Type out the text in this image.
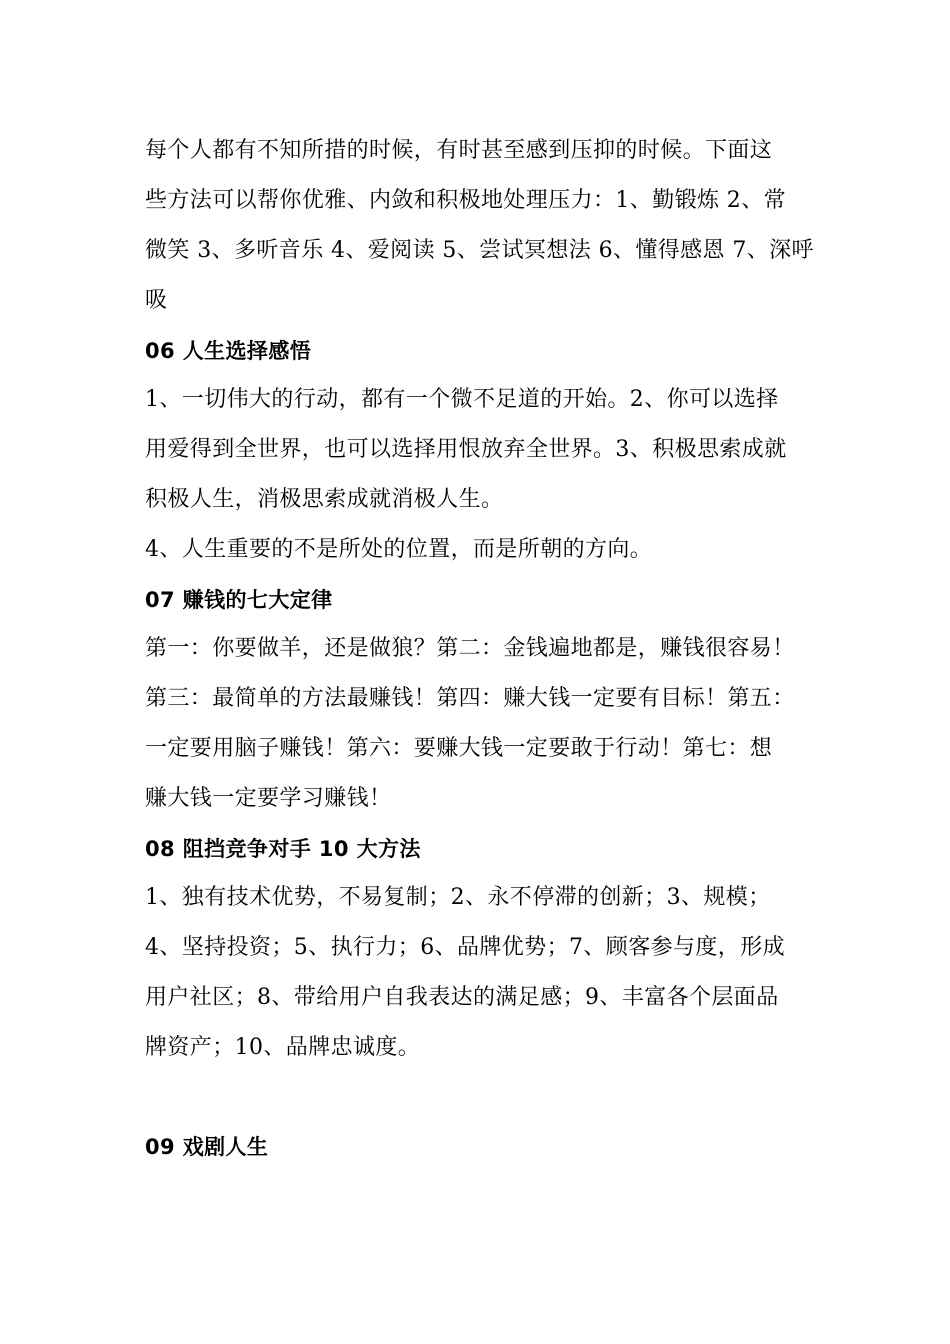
每个人都有不知所措的时候，有时甚至感到压抑的时候。下面这
些方法可以帮你优雅、内敛和积极地处理压力：1、勤锻炼 2、常
微笑 3、多听音乐 4、爱阅读 5、尝试冥想法 6、懂得感恩 7、深呼
吸
06 人生选择感悟
1、一切伟大的行动，都有一个微不足道的开始。2、你可以选择
用爱得到全世界，也可以选择用恨放弃全世界。3、积极思索成就
积极人生，消极思索成就消极人生。
4、人生重要的不是所处的位置，而是所朝的方向。
07 赚钱的七大定律
第一：你要做羊，还是做狼？第二：金钱遍地都是，赚钱很容易！
第三：最简单的方法最赚钱！第四：赚大钱一定要有目标！第五：
一定要用脑子赚钱！第六：要赚大钱一定要敢于行动！第七：想
赚大钱一定要学习赚钱！
08 阻挡竞争对手 10 大方法
1、独有技术优势，不易复制；2、永不停滞的创新；3、规模；
4、坚持投资；5、执行力；6、品牌优势；7、顾客参与度，形成
用户社区；8、带给用户自我表达的满足感；9、丰富各个层面品
牌资产；10、品牌忠诚度。
09 戏剧人生
